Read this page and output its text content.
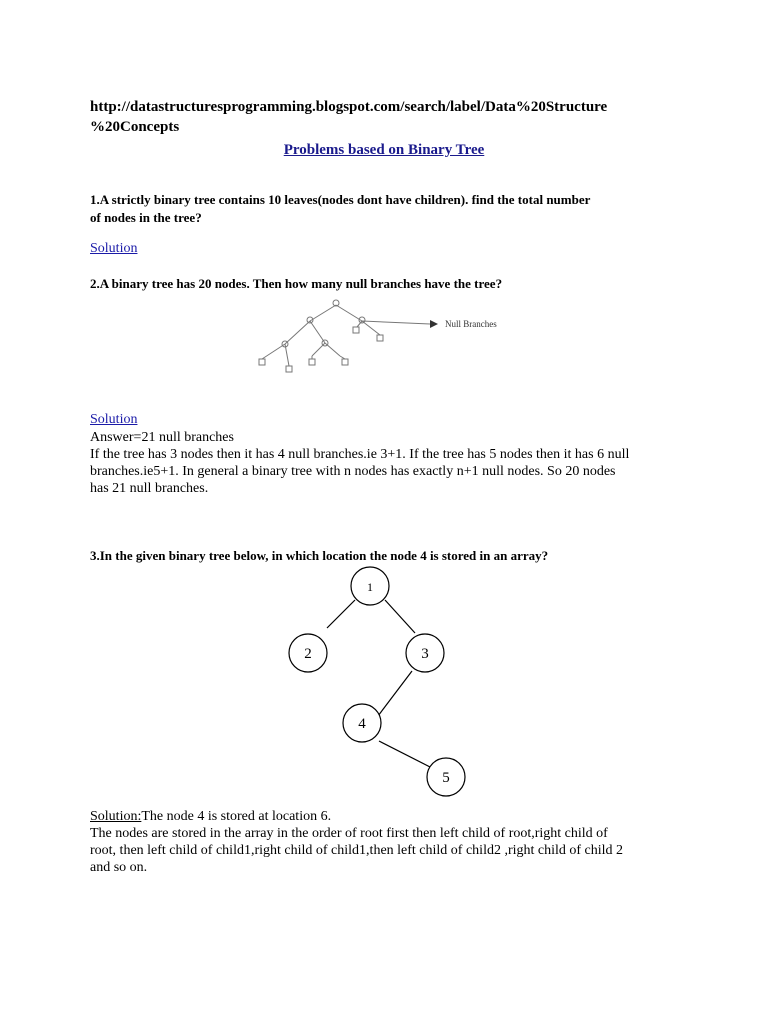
http://datastructuresprogramming.blogspot.com/search/label/Data%20Structure
%20Concepts
Problems based on Binary Tree
1.A strictly binary tree contains 10 leaves(nodes dont have children). find the total number
of nodes in the tree?
Solution
2.A binary tree has 20 nodes. Then how many null branches have the tree?
Null Branches
Solution
Answer=21 null branches
If the tree has 3 nodes then it has 4 null branches.ie 3+1. If the tree has 5 nodes then it has 6 null
branches.ie5+1. In general a binary tree with n nodes has exactly n+1 null nodes. So 20 nodes
has 21 null branches.
3.In the given binary tree below, in which location the node 4 is stored in an array?
1
2	3
4
5
Solution:The node 4 is stored at location 6.
The nodes are stored in the array in the order of root first then left child of root,right child of
root, then left child of child1,right child of child1,then left child of child2 ,right child of child 2
and so on.
